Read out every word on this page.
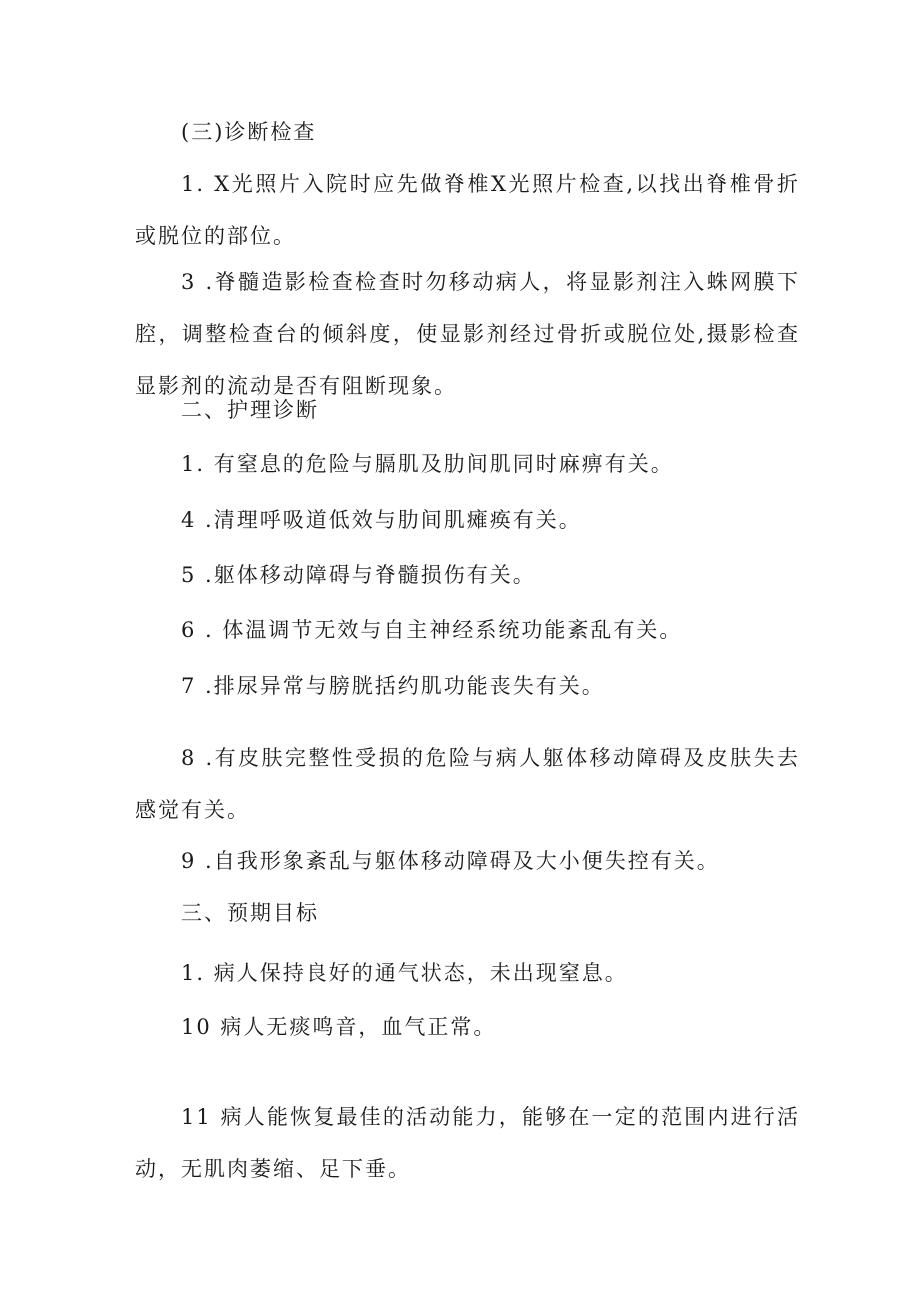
(三)诊断检查

1. X光照片入院时应先做脊椎X光照片检查,以找出脊椎骨折或脱位的部位。

3 .脊髓造影检查检查时勿移动病人，将显影剂注入蛛网膜下腔，调整检查台的倾斜度，使显影剂经过骨折或脱位处,摄影检查显影剂的流动是否有阻断现象。

二、护理诊断

1. 有窒息的危险与膈肌及肋间肌同时麻痹有关。

4 .清理呼吸道低效与肋间肌瘫痪有关。

5 .躯体移动障碍与脊髓损伤有关。

6 . 体温调节无效与自主神经系统功能紊乱有关。

7 .排尿异常与膀胱括约肌功能丧失有关。

8 .有皮肤完整性受损的危险与病人躯体移动障碍及皮肤失去感觉有关。

9 .自我形象紊乱与躯体移动障碍及大小便失控有关。

三、预期目标

1. 病人保持良好的通气状态，未出现窒息。

10 病人无痰鸣音，血气正常。

11 病人能恢复最佳的活动能力，能够在一定的范围内进行活动，无肌肉萎缩、足下垂。
